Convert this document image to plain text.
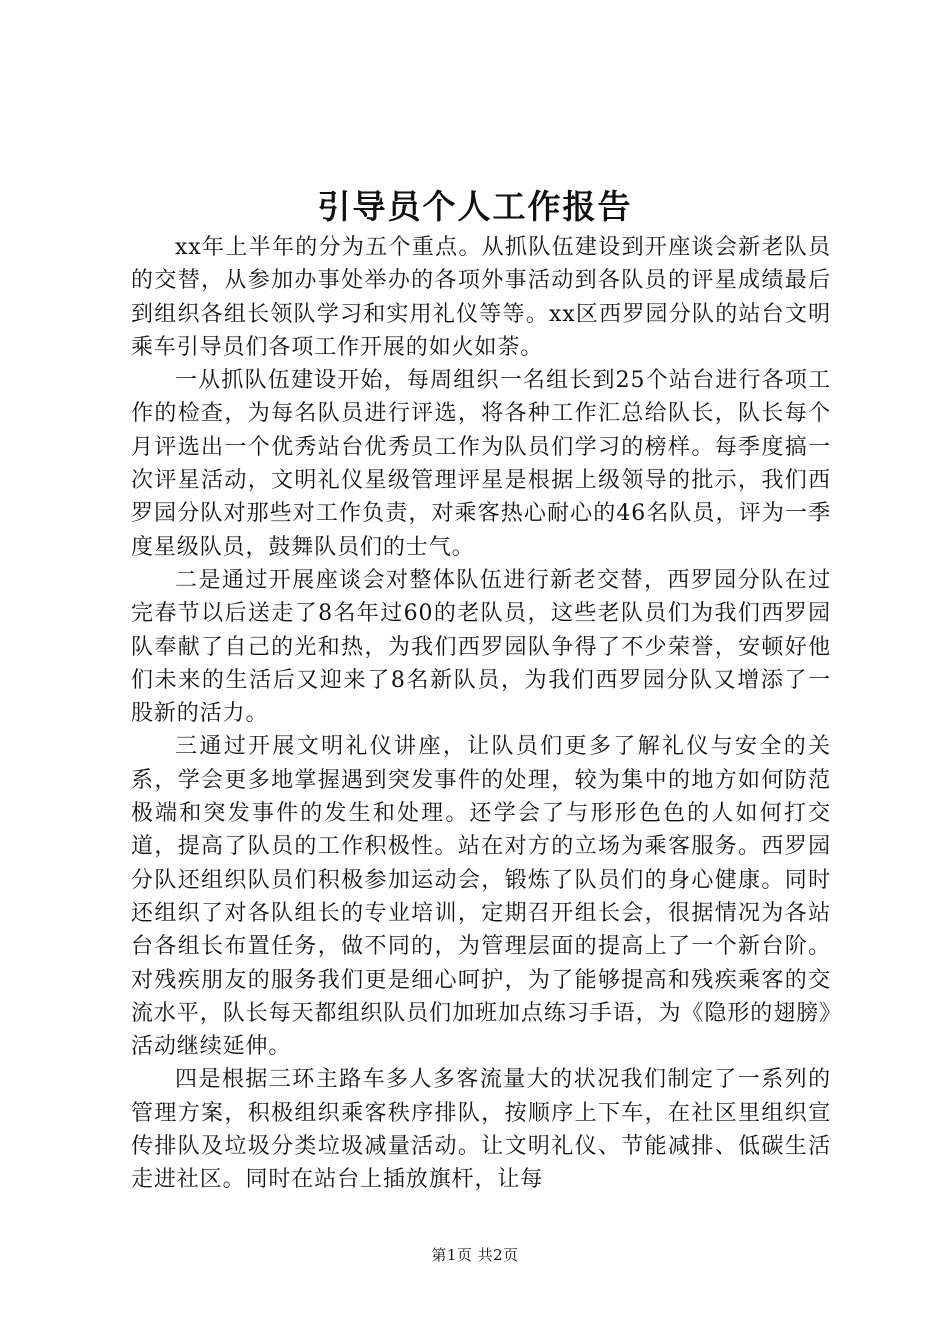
引导员个人工作报告

xx年上半年的分为五个重点。从抓队伍建设到开座谈会新老队员的交替，从参加办事处举办的各项外事活动到各队员的评星成绩最后到组织各组长领队学习和实用礼仪等等。xx区西罗园分队的站台文明乘车引导员们各项工作开展的如火如荼。

一从抓队伍建设开始，每周组织一名组长到25个站台进行各项工作的检查，为每名队员进行评选，将各种工作汇总给队长，队长每个月评选出一个优秀站台优秀员工作为队员们学习的榜样。每季度搞一次评星活动，文明礼仪星级管理评星是根据上级领导的批示，我们西罗园分队对那些对工作负责，对乘客热心耐心的46名队员，评为一季度星级队员，鼓舞队员们的士气。

二是通过开展座谈会对整体队伍进行新老交替，西罗园分队在过完春节以后送走了8名年过60的老队员，这些老队员们为我们西罗园队奉献了自己的光和热，为我们西罗园队争得了不少荣誉，安顿好他们未来的生活后又迎来了8名新队员，为我们西罗园分队又增添了一股新的活力。

三通过开展文明礼仪讲座，让队员们更多了解礼仪与安全的关系，学会更多地掌握遇到突发事件的处理，较为集中的地方如何防范极端和突发事件的发生和处理。还学会了与形形色色的人如何打交道，提高了队员的工作积极性。站在对方的立场为乘客服务。西罗园分队还组织队员们积极参加运动会，锻炼了队员们的身心健康。同时还组织了对各队组长的专业培训，定期召开组长会，很据情况为各站台各组长布置任务，做不同的，为管理层面的提高上了一个新台阶。对残疾朋友的服务我们更是细心呵护，为了能够提高和残疾乘客的交流水平，队长每天都组织队员们加班加点练习手语，为《隐形的翅膀》活动继续延伸。

四是根据三环主路车多人多客流量大的状况我们制定了一系列的管理方案，积极组织乘客秩序排队，按顺序上下车，在社区里组织宣传排队及垃圾分类垃圾减量活动。让文明礼仪、节能减排、低碳生活走进社区。同时在站台上插放旗杆，让每

第1页 共2页
